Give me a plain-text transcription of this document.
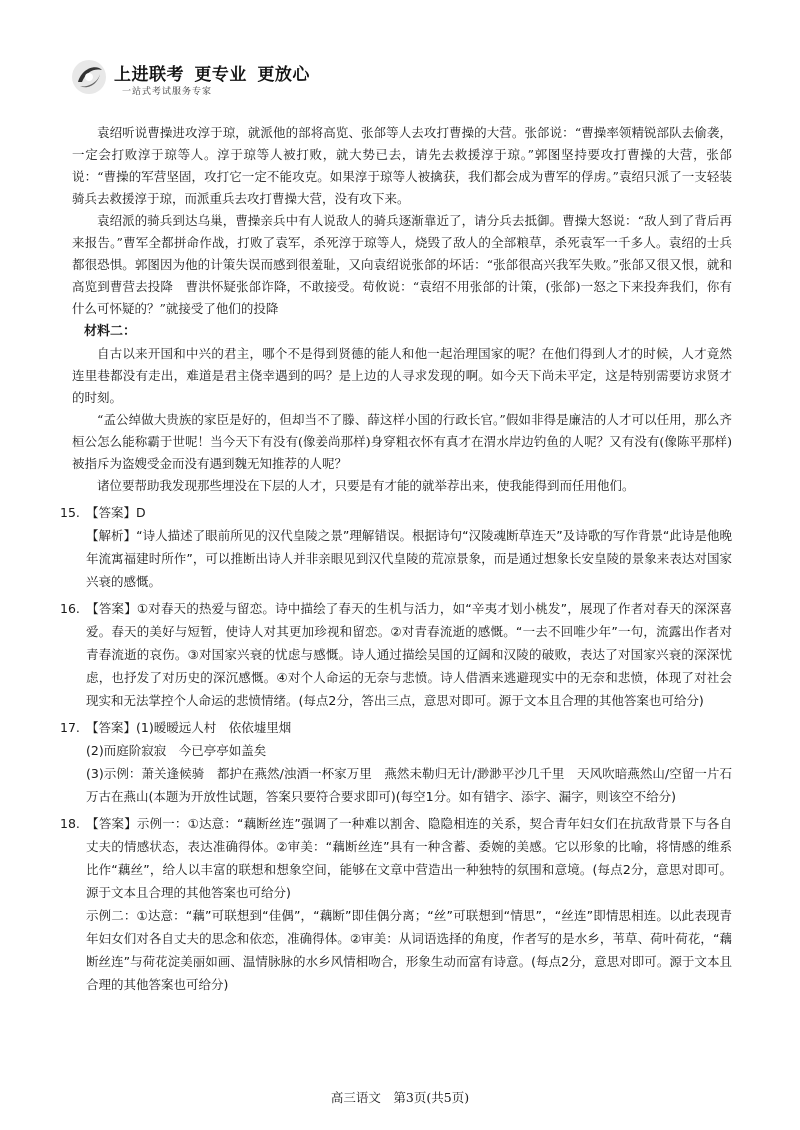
上进联考 更专业 更放心
一站式考试服务专家

袁绍听说曹操进攻淳于琼，就派他的部将高览、张郃等人去攻打曹操的大营。张郃说：“曹操率领精锐部队去偷袭，一定会打败淳于琼等人。淳于琼等人被打败，就大势已去，请先去救援淳于琼。”郭图坚持要攻打曹操的大营，张郃说：“曹操的军营坚固，攻打它一定不能攻克。如果淳于琼等人被擒获，我们都会成为曹军的俘虏。”袁绍只派了一支轻装骑兵去救援淳于琼，而派重兵去攻打曹操大营，没有攻下来。

袁绍派的骑兵到达乌巢，曹操亲兵中有人说敌人的骑兵逐渐靠近了，请分兵去抵御。曹操大怒说：“敌人到了背后再来报告。”曹军全都拼命作战，打败了袁军，杀死淳于琼等人，烧毁了敌人的全部粮草，杀死袁军一千多人。袁绍的士兵都很恐惧。郭图因为他的计策失误而感到很羞耻，又向袁绍说张郃的坏话：“张郃很高兴我军失败。”张郃又很又恨，就和高览到曹营去投降　曹洪怀疑张郃诈降，不敢接受。荀攸说：“袁绍不用张郃的计策，(张郃)一怒之下来投奔我们，你有什么可怀疑的？”就接受了他们的投降

材料二：

自古以来开国和中兴的君主，哪个不是得到贤德的能人和他一起治理国家的呢？在他们得到人才的时候，人才竟然连里巷都没有走出，难道是君主侥幸遇到的吗？是上边的人寻求发现的啊。如今天下尚未平定，这是特别需要访求贤才的时刻。

“孟公绰做大贵族的家臣是好的，但却当不了滕、薛这样小国的行政长官。”假如非得是廉洁的人才可以任用，那么齐桓公怎么能称霸于世呢！当今天下有没有(像姜尚那样)身穿粗衣怀有真才在渭水岸边钓鱼的人呢？又有没有(像陈平那样)被指斥为盗嫂受金而没有遇到魏无知推荐的人呢？

诸位要帮助我发现那些埋没在下层的人才，只要是有才能的就举荐出来，使我能得到而任用他们。

15. 【答案】D
【解析】“诗人描述了眼前所见的汉代皇陵之景”理解错误。根据诗句“汉陵魂断草连天”及诗歌的写作背景“此诗是他晚年流寓福建时所作”，可以推断出诗人并非亲眼见到汉代皇陵的荒凉景象，而是通过想象长安皇陵的景象来表达对国家兴衰的感慨。
16. 【答案】①对春天的热爱与留恋。诗中描绘了春天的生机与活力，如“辛夷才划小桃发”，展现了作者对春天的深深喜爱。春天的美好与短暂，使诗人对其更加珍视和留恋。②对青春流逝的感慨。“一去不回唯少年”一句，流露出作者对青春流逝的哀伤。③对国家兴衰的忧虑与感慨。诗人通过描绘吴国的辽阔和汉陵的破败，表达了对国家兴衰的深深忧虑，也抒发了对历史的深沉感慨。④对个人命运的无奈与悲愤。诗人借酒来逃避现实中的无奈和悲愤，体现了对社会现实和无法掌控个人命运的悲愤情绪。(每点2分，答出三点，意思对即可。源于文本且合理的其他答案也可给分)
17. 【答案】(1)暧暧远人村　依依墟里烟
(2)而庭阶寂寂　今已亭亭如盖矣
(3)示例：萧关逢候骑　都护在燕然/浊酒一杯家万里　燕然未勒归无计/渺渺平沙几千里　天风吹暗燕然山/空留一片石　万古在燕山(本题为开放性试题，答案只要符合要求即可)(每空1分。如有错字、添字、漏字，则该空不给分)
18. 【答案】示例一：①达意：“藕断丝连”强调了一种难以割舍、隐隐相连的关系，契合青年妇女们在抗敌背景下与各自丈夫的情感状态，表达准确得体。②审美：“藕断丝连”具有一种含蓄、委婉的美感。它以形象的比喻，将情感的维系比作“藕丝”，给人以丰富的联想和想象空间，能够在文章中营造出一种独特的氛围和意境。(每点2分，意思对即可。源于文本且合理的其他答案也可给分)
示例二：①达意：“藕”可联想到“佳偶”，“藕断”即佳偶分离；“丝”可联想到“情思”，“丝连”即情思相连。以此表现青年妇女们对各自丈夫的思念和依恋，准确得体。②审美：从词语选择的角度，作者写的是水乡，苇草、荷叶荷花，“藕断丝连”与荷花淀美丽如画、温情脉脉的水乡风情相吻合，形象生动而富有诗意。(每点2分，意思对即可。源于文本且合理的其他答案也可给分)
高三语文　第3页(共5页)
